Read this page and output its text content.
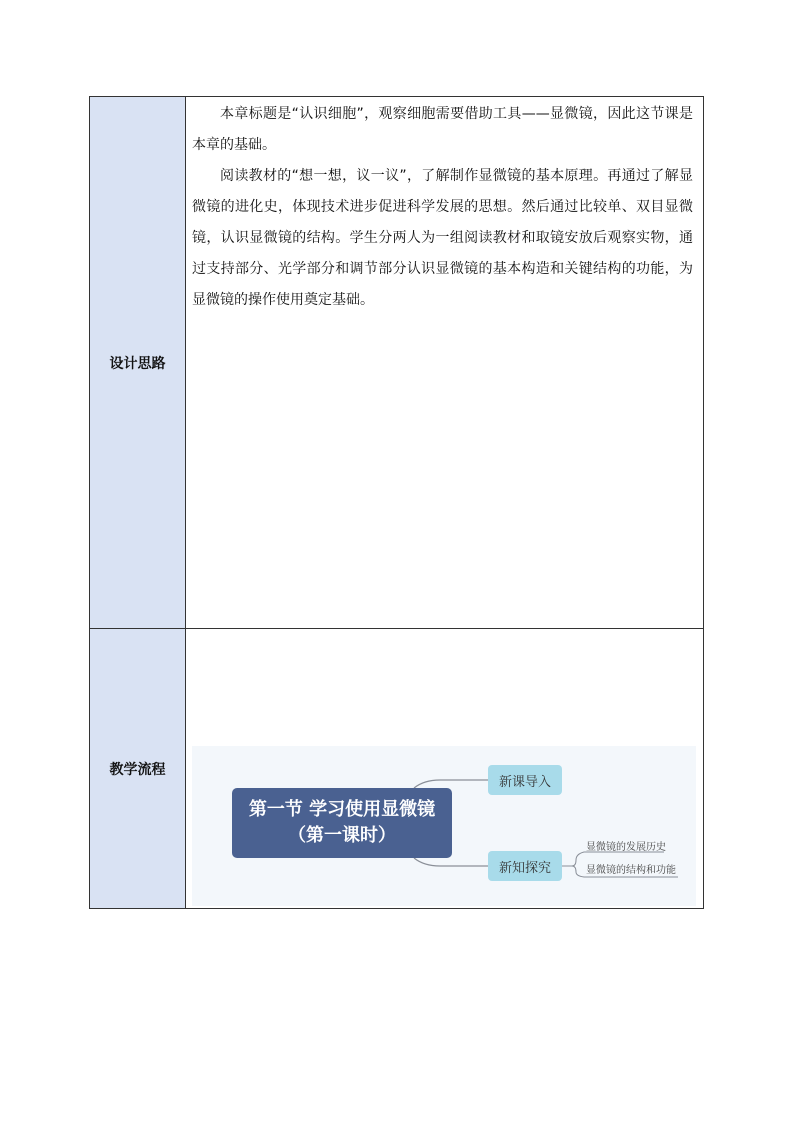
设计思路

本章标题是“认识细胞”，观察细胞需要借助工具——显微镜，因此这节课是本章的基础。

阅读教材的“想一想，议一议”，了解制作显微镜的基本原理。再通过了解显微镜的进化史，体现技术进步促进科学发展的思想。然后通过比较单、双目显微镜，认识显微镜的结构。学生分两人为一组阅读教材和取镜安放后观察实物，通过支持部分、光学部分和调节部分认识显微镜的基本构造和关键结构的功能，为显微镜的操作使用奠定基础。

教学流程
第一节 学习使用显微镜（第一课时）
新课导入
新知探究
显微镜的发展历史
显微镜的结构和功能
